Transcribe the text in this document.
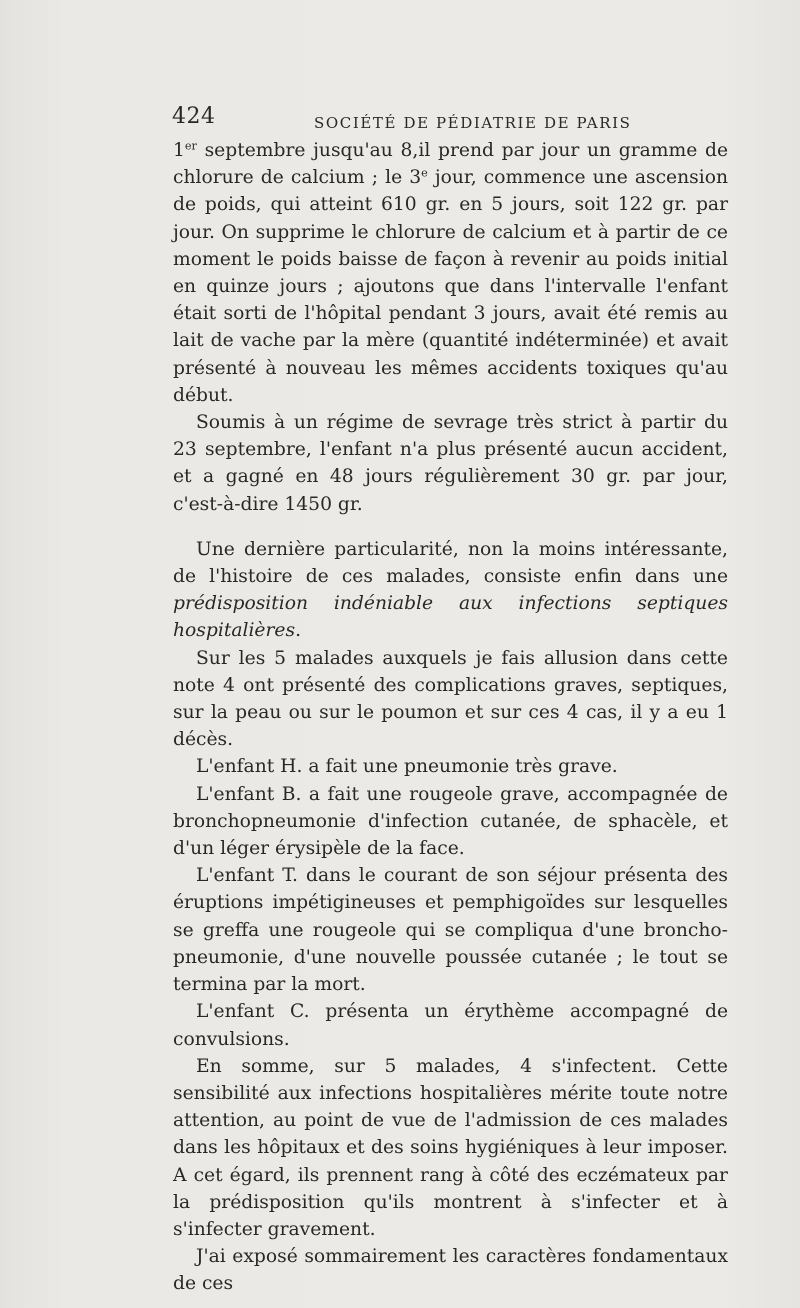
424	SOCIÉTÉ DE PÉDIATRIE DE PARIS

1er septembre jusqu'au 8,il prend par jour un gramme de chlorure de calcium ; le 3e jour, commence une ascension de poids, qui atteint 610 gr. en 5 jours, soit 122 gr. par jour. On supprime le chlorure de calcium et à partir de ce moment le poids baisse de façon à revenir au poids initial en quinze jours ; ajoutons que dans l'intervalle l'enfant était sorti de l'hôpital pendant 3 jours, avait été remis au lait de vache par la mère (quantité indéterminée) et avait présenté à nouveau les mêmes accidents toxiques qu'au début.

Soumis à un régime de sevrage très strict à partir du 23 septembre, l'enfant n'a plus présenté aucun accident, et a gagné en 48 jours régulièrement 30 gr. par jour, c'est-à-dire 1450 gr.

Une dernière particularité, non la moins intéressante, de l'histoire de ces malades, consiste enfin dans une prédisposition indéniable aux infections septiques hospitalières.

Sur les 5 malades auxquels je fais allusion dans cette note 4 ont présenté des complications graves, septiques, sur la peau ou sur le poumon et sur ces 4 cas, il y a eu 1 décès.

L'enfant H. a fait une pneumonie très grave.

L'enfant B. a fait une rougeole grave, accompagnée de bronchopneumonie d'infection cutanée, de sphacèle, et d'un léger érysipèle de la face.

L'enfant T. dans le courant de son séjour présenta des éruptions impétigineuses et pemphigoïdes sur lesquelles se greffa une rougeole qui se compliqua d'une broncho-pneumonie, d'une nouvelle poussée cutanée ; le tout se termina par la mort.

L'enfant C. présenta un érythème accompagné de convulsions.

En somme, sur 5 malades, 4 s'infectent. Cette sensibilité aux infections hospitalières mérite toute notre attention, au point de vue de l'admission de ces malades dans les hôpitaux et des soins hygiéniques à leur imposer. A cet égard, ils prennent rang à côté des eczémateux par la prédisposition qu'ils montrent à s'infecter et à s'infecter gravement.

J'ai exposé sommairement les caractères fondamentaux de ces
